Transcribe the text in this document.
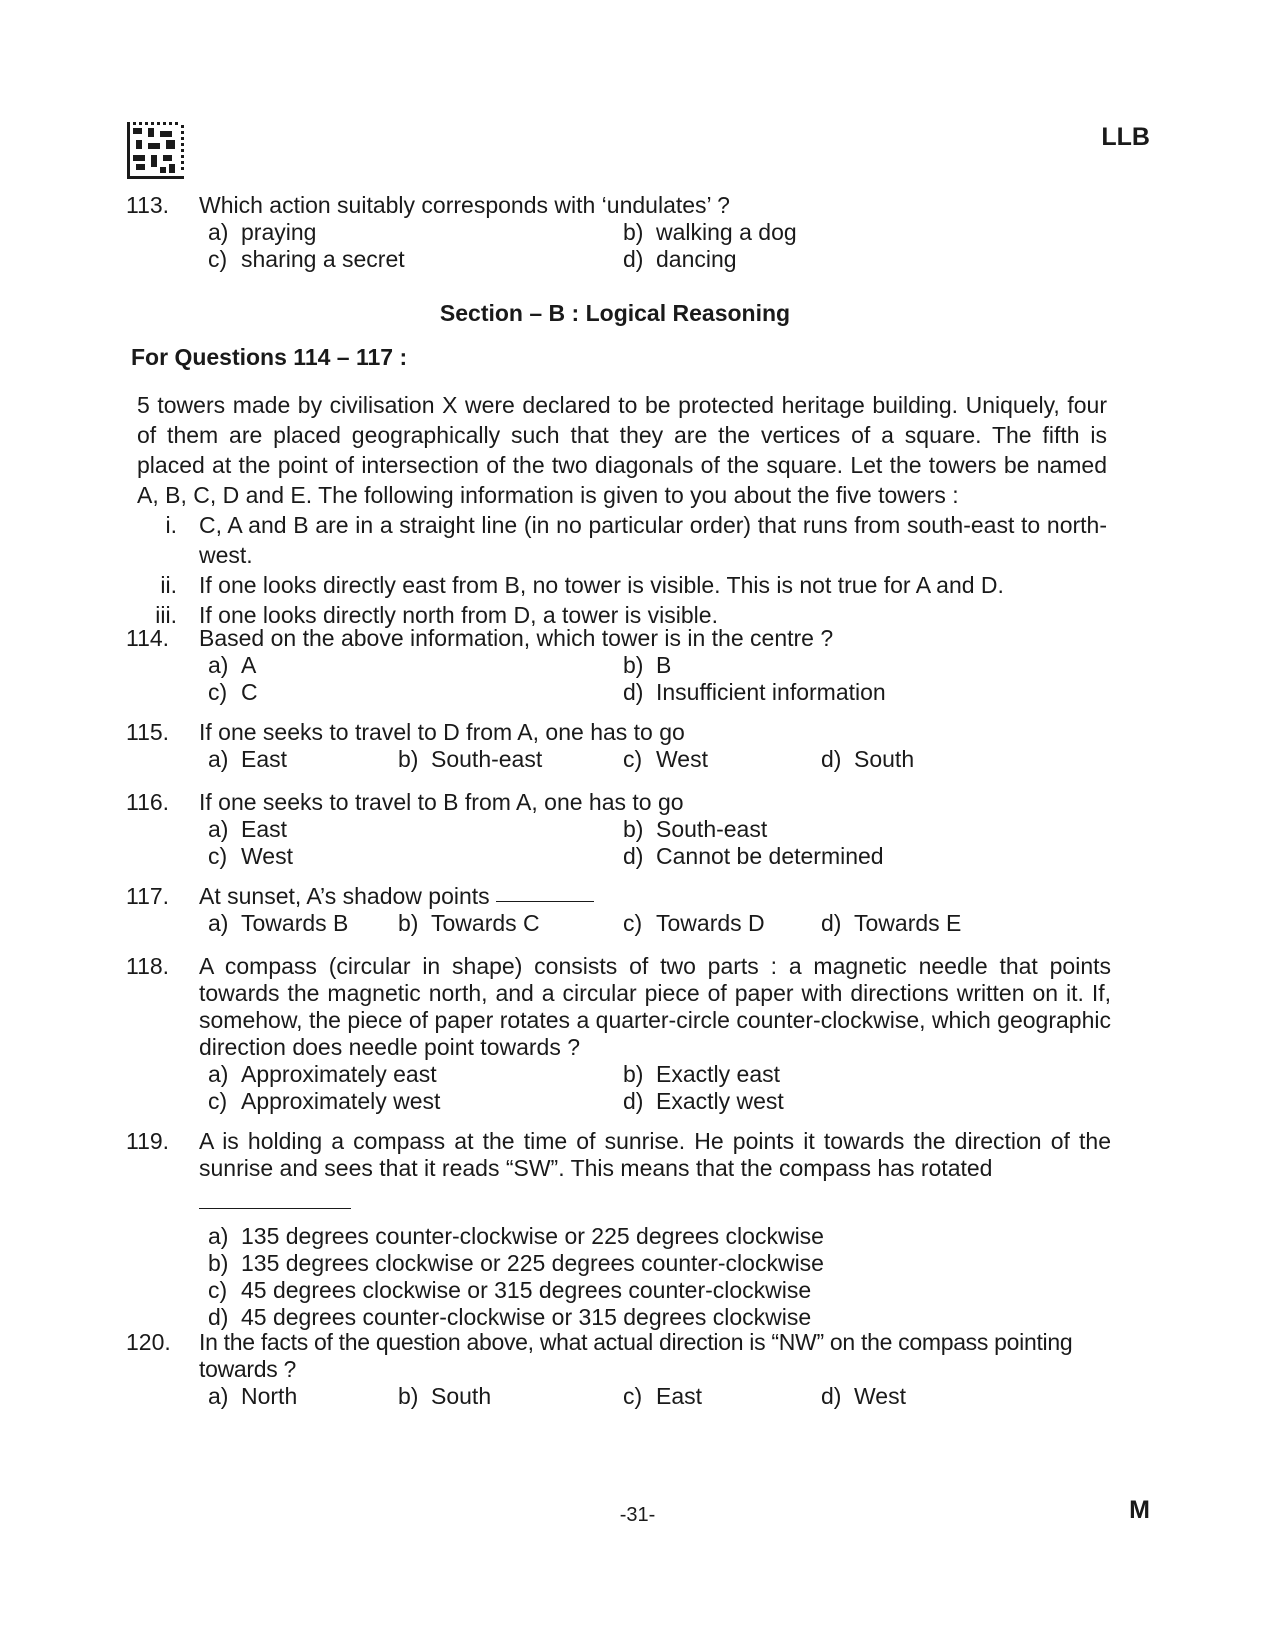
LLB
113. Which action suitably corresponds with ‘undulates’ ?
a) praying	b) walking a dog
c) sharing a secret	d) dancing
Section – B : Logical Reasoning
For Questions 114 – 117 :

5 towers made by civilisation X were declared to be protected heritage building. Uniquely, four of them are placed geographically such that they are the vertices of a square. The fifth is placed at the point of intersection of the two diagonals of the square. Let the towers be named A, B, C, D and E. The following information is given to you about the five towers :

i. C, A and B are in a straight line (in no particular order) that runs from south-east to north-west.
ii. If one looks directly east from B, no tower is visible. This is not true for A and D.
iii. If one looks directly north from D, a tower is visible.
114. Based on the above information, which tower is in the centre ?
a) A	b) B
c) C	d) Insufficient information
115. If one seeks to travel to D from A, one has to go
a) East	b) South-east	c) West	d) South
116. If one seeks to travel to B from A, one has to go
a) East	b) South-east
c) West	d) Cannot be determined
117. At sunset, A’s shadow points
a) Towards B	b) Towards C	c) Towards D	d) Towards E
118. A compass (circular in shape) consists of two parts : a magnetic needle that points towards the magnetic north, and a circular piece of paper with directions written on it. If, somehow, the piece of paper rotates a quarter-circle counter-clockwise, which geographic direction does needle point towards ?
a) Approximately east	b) Exactly east
c) Approximately west	d) Exactly west
119. A is holding a compass at the time of sunrise. He points it towards the direction of the sunrise and sees that it reads “SW”. This means that the compass has rotated
a) 135 degrees counter-clockwise or 225 degrees clockwise
b) 135 degrees clockwise or 225 degrees counter-clockwise
c) 45 degrees clockwise or 315 degrees counter-clockwise
d) 45 degrees counter-clockwise or 315 degrees clockwise
120. In the facts of the question above, what actual direction is “NW” on the compass pointing towards ?
a) North	b) South	c) East	d) West
-31-	M
